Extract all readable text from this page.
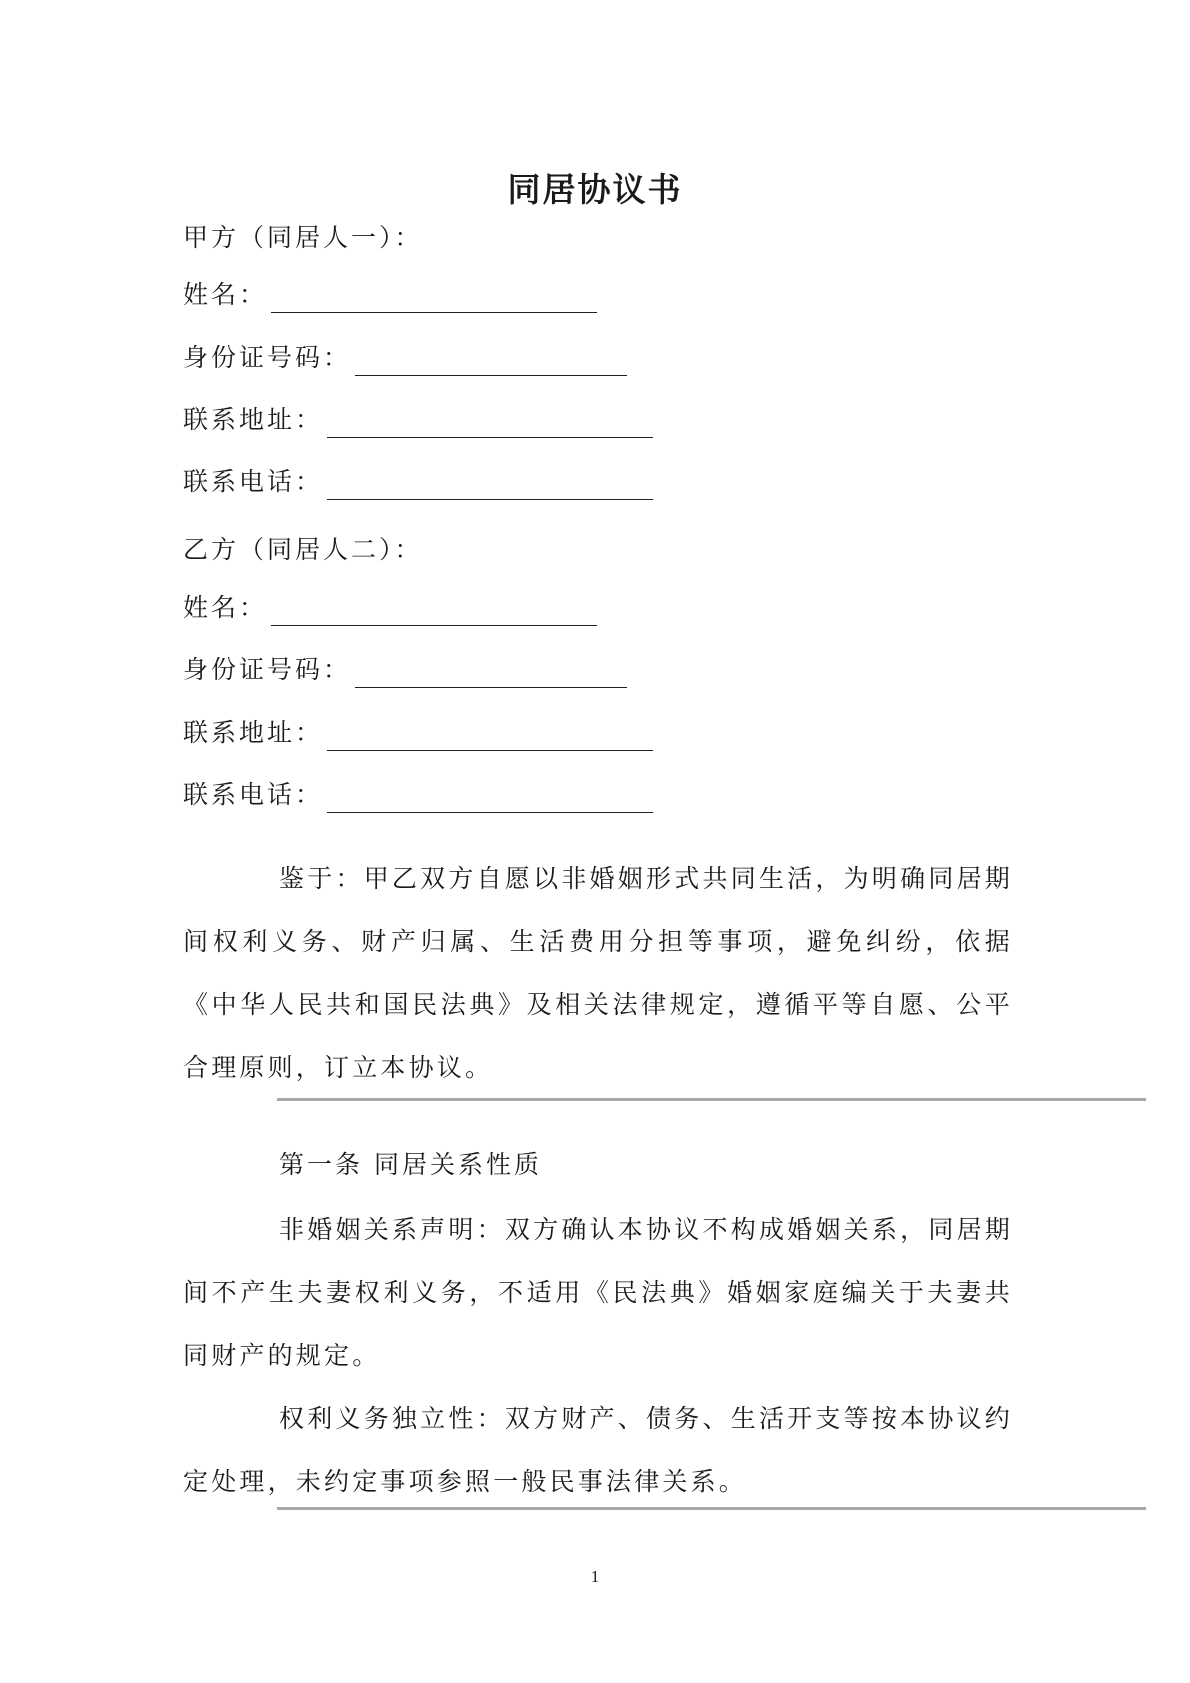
同居协议书
甲方（同居人一）：
姓名：
身份证号码：
联系地址：
联系电话：
乙方（同居人二）：
姓名：
身份证号码：
联系地址：
联系电话：

鉴于：甲乙双方自愿以非婚姻形式共同生活，为明确同居期间权利义务、财产归属、生活费用分担等事项，避免纠纷，依据《中华人民共和国民法典》及相关法律规定，遵循平等自愿、公平合理原则，订立本协议。

第一条 同居关系性质

非婚姻关系声明：双方确认本协议不构成婚姻关系，同居期间不产生夫妻权利义务，不适用《民法典》婚姻家庭编关于夫妻共同财产的规定。

权利义务独立性：双方财产、债务、生活开支等按本协议约定处理，未约定事项参照一般民事法律关系。

1
